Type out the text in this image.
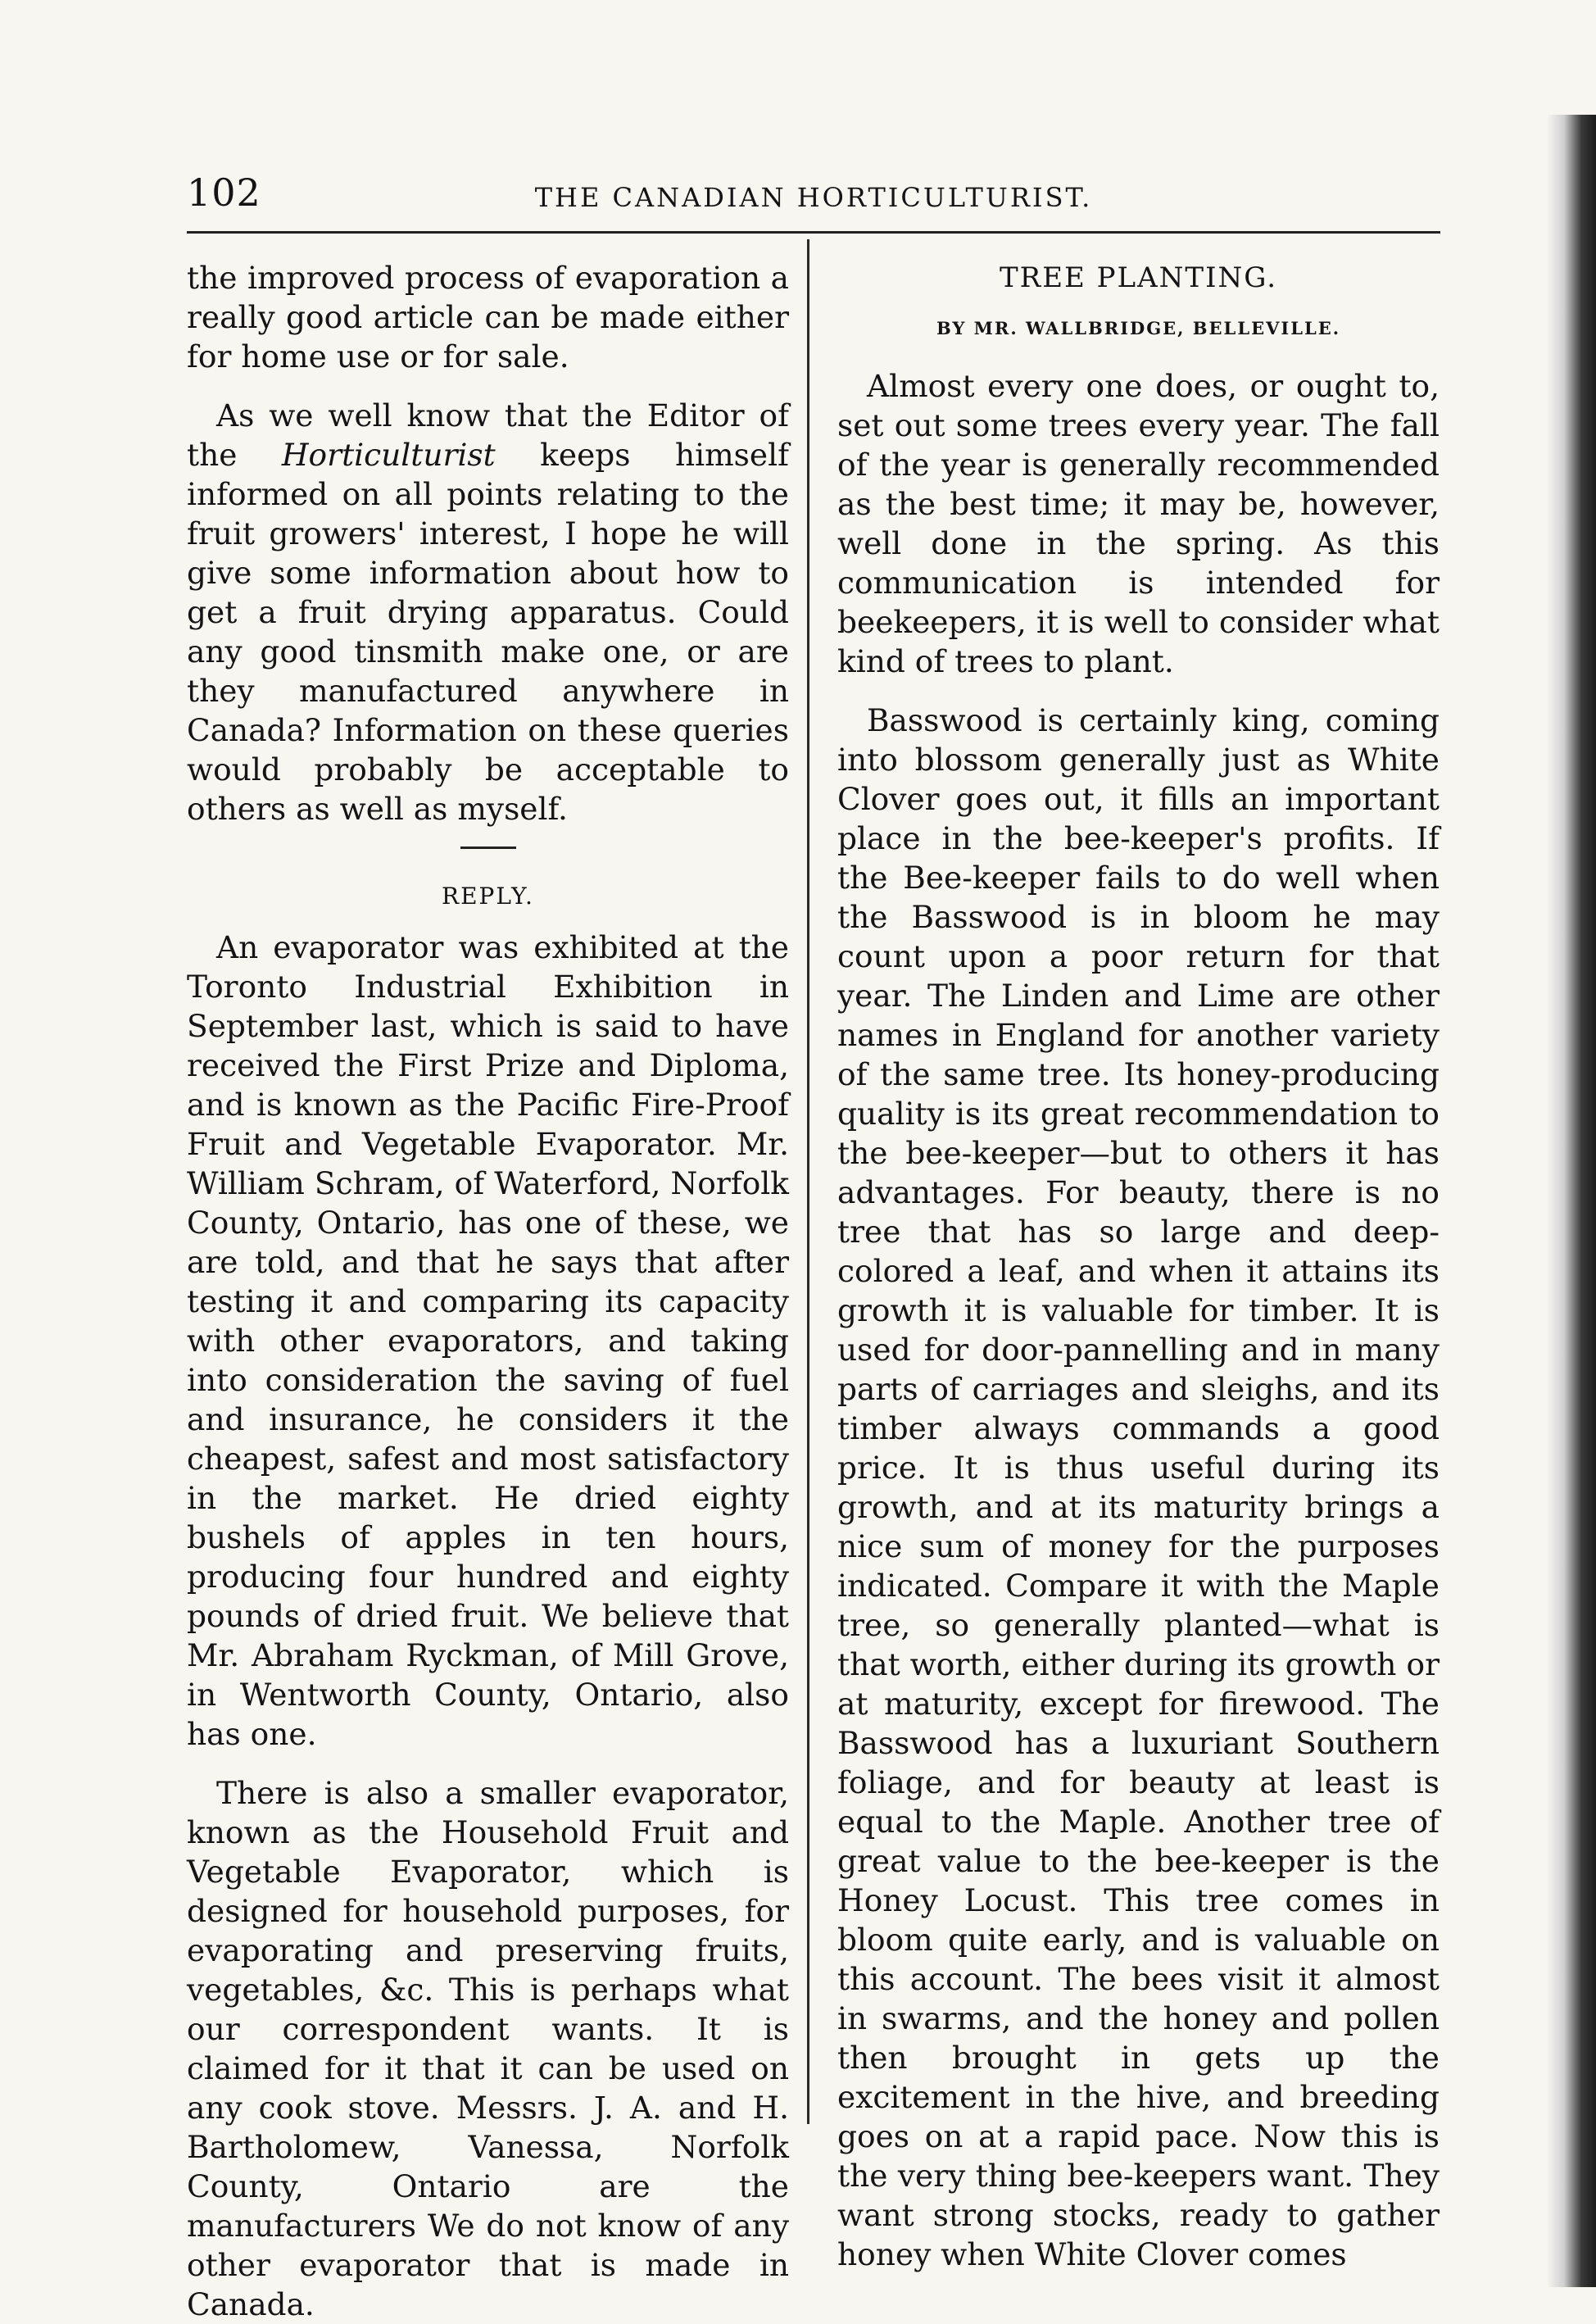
102	THE CANADIAN HORTICULTURIST.

the improved process of evaporation a really good article can be made either for home use or for sale.

As we well know that the Editor of the Horticulturist keeps himself informed on all points relating to the fruit growers' interest, I hope he will give some information about how to get a fruit drying apparatus. Could any good tinsmith make one, or are they manufactured anywhere in Canada? Information on these queries would probably be acceptable to others as well as myself.

REPLY.

An evaporator was exhibited at the Toronto Industrial Exhibition in September last, which is said to have received the First Prize and Diploma, and is known as the Pacific Fire-Proof Fruit and Vegetable Evaporator. Mr. William Schram, of Waterford, Norfolk County, Ontario, has one of these, we are told, and that he says that after testing it and comparing its capacity with other evaporators, and taking into consideration the saving of fuel and insurance, he considers it the cheapest, safest and most satisfactory in the market. He dried eighty bushels of apples in ten hours, producing four hundred and eighty pounds of dried fruit. We believe that Mr. Abraham Ryckman, of Mill Grove, in Wentworth County, Ontario, also has one.

There is also a smaller evaporator, known as the Household Fruit and Vegetable Evaporator, which is designed for household purposes, for evaporating and preserving fruits, vegetables, &c. This is perhaps what our correspondent wants. It is claimed for it that it can be used on any cook stove. Messrs. J. A. and H. Bartholomew, Vanessa, Norfolk County, Ontario are the manufacturers We do not know of any other evaporator that is made in Canada.

TREE PLANTING.
BY MR. WALLBRIDGE, BELLEVILLE.

Almost every one does, or ought to, set out some trees every year. The fall of the year is generally recommended as the best time; it may be, however, well done in the spring. As this communication is intended for beekeepers, it is well to consider what kind of trees to plant.

Basswood is certainly king, coming into blossom generally just as White Clover goes out, it fills an important place in the bee-keeper's profits. If the Bee-keeper fails to do well when the Basswood is in bloom he may count upon a poor return for that year. The Linden and Lime are other names in England for another variety of the same tree. Its honey-producing quality is its great recommendation to the bee-keeper—but to others it has advantages. For beauty, there is no tree that has so large and deep-colored a leaf, and when it attains its growth it is valuable for timber. It is used for door-pannelling and in many parts of carriages and sleighs, and its timber always commands a good price. It is thus useful during its growth, and at its maturity brings a nice sum of money for the purposes indicated. Compare it with the Maple tree, so generally planted—what is that worth, either during its growth or at maturity, except for firewood. The Basswood has a luxuriant Southern foliage, and for beauty at least is equal to the Maple. Another tree of great value to the bee-keeper is the Honey Locust. This tree comes in bloom quite early, and is valuable on this account. The bees visit it almost in swarms, and the honey and pollen then brought in gets up the excitement in the hive, and breeding goes on at a rapid pace. Now this is the very thing bee-keepers want. They want strong stocks, ready to gather honey when White Clover comes
